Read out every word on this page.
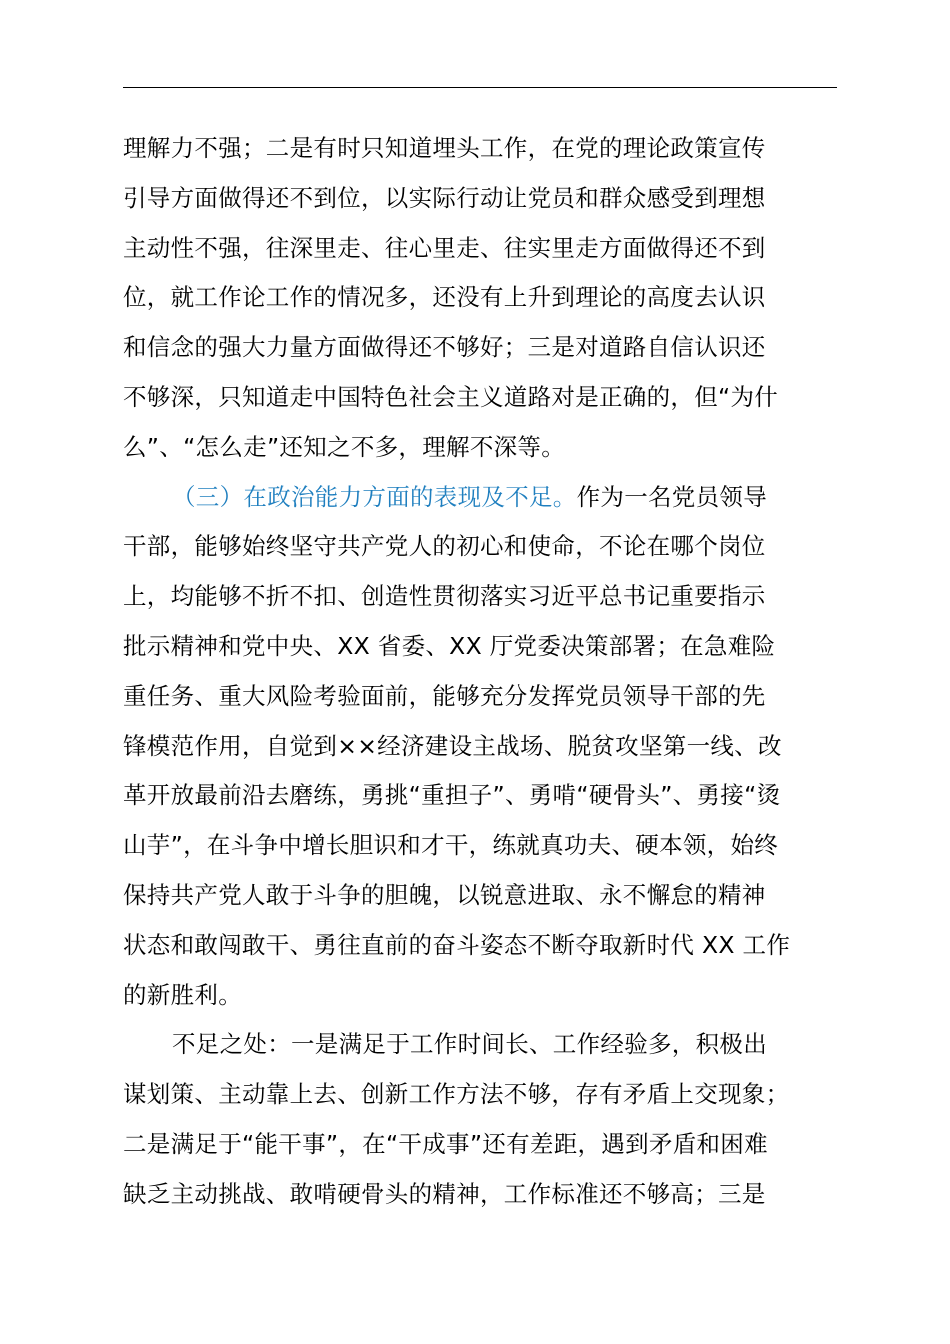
理解力不强；二是有时只知道埋头工作，在党的理论政策宣传
引导方面做得还不到位，以实际行动让党员和群众感受到理想
主动性不强，往深里走、往心里走、往实里走方面做得还不到
位，就工作论工作的情况多，还没有上升到理论的高度去认识
和信念的强大力量方面做得还不够好；三是对道路自信认识还
不够深，只知道走中国特色社会主义道路对是正确的，但“为什
么”、“怎么走”还知之不多，理解不深等。
（三）在政治能力方面的表现及不足。作为一名党员领导
干部，能够始终坚守共产党人的初心和使命，不论在哪个岗位
上，均能够不折不扣、创造性贯彻落实习近平总书记重要指示
批示精神和党中央、XX 省委、XX 厅党委决策部署；在急难险
重任务、重大风险考验面前，能够充分发挥党员领导干部的先
锋模范作用，自觉到××经济建设主战场、脱贫攻坚第一线、改
革开放最前沿去磨练，勇挑“重担子”、勇啃“硬骨头”、勇接“烫
山芋”，在斗争中增长胆识和才干，练就真功夫、硬本领，始终
保持共产党人敢于斗争的胆魄，以锐意进取、永不懈怠的精神
状态和敢闯敢干、勇往直前的奋斗姿态不断夺取新时代 XX 工作
的新胜利。
不足之处：一是满足于工作时间长、工作经验多，积极出
谋划策、主动靠上去、创新工作方法不够，存有矛盾上交现象；
二是满足于“能干事”，在“干成事”还有差距，遇到矛盾和困难
缺乏主动挑战、敢啃硬骨头的精神，工作标准还不够高；三是
